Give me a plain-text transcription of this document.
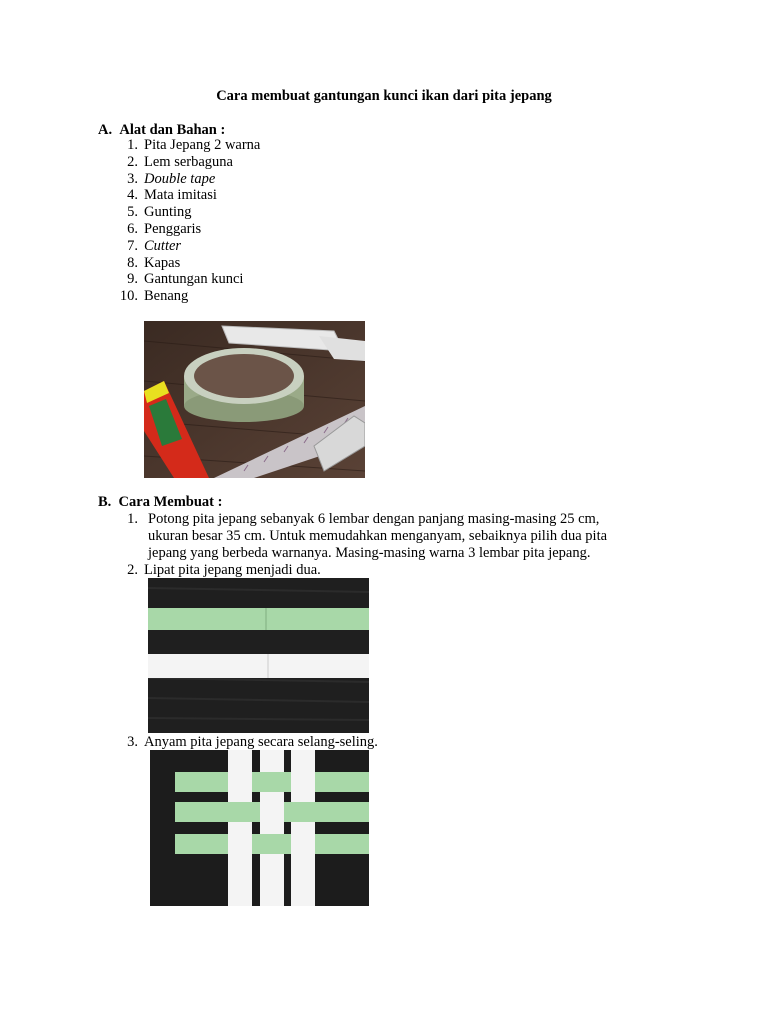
Cara membuat gantungan kunci ikan dari pita jepang
A. Alat dan Bahan :
1. Pita Jepang 2 warna
2. Lem serbaguna
3. Double tape
4. Mata imitasi
5. Gunting
6. Penggaris
7. Cutter
8. Kapas
9. Gantungan kunci
10. Benang
B. Cara Membuat :
1. Potong pita jepang sebanyak 6 lembar dengan panjang masing-masing 25 cm,
ukuran besar 35 cm. Untuk memudahkan menganyam, sebaiknya pilih dua pita
jepang yang berbeda warnanya. Masing-masing warna 3 lembar pita jepang.
2. Lipat pita jepang menjadi dua.
3. Anyam pita jepang secara selang-seling.
